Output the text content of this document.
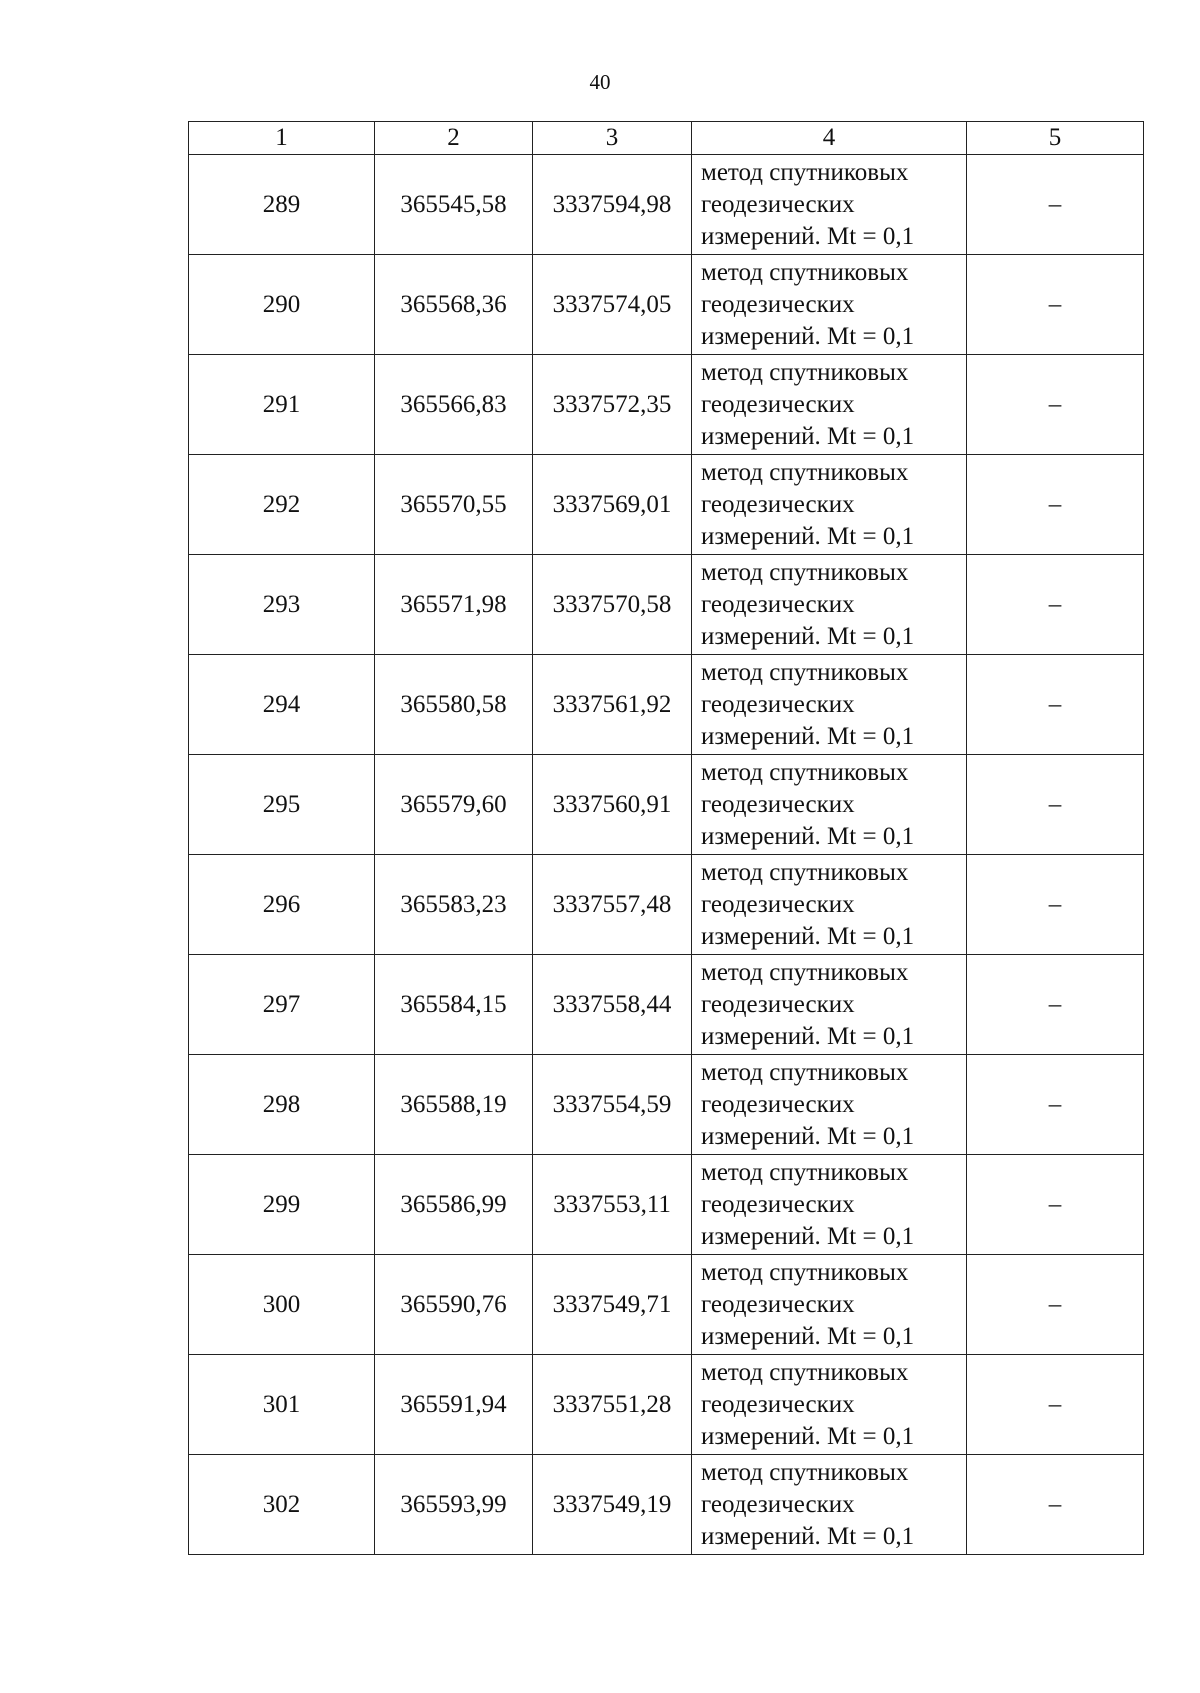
40
1	2	3	4	5
289	365545,58	3337594,98	метод спутниковых
геодезических
измерений. Mt = 0,1	–
290	365568,36	3337574,05	метод спутниковых
геодезических
измерений. Mt = 0,1	–
291	365566,83	3337572,35	метод спутниковых
геодезических
измерений. Mt = 0,1	–
292	365570,55	3337569,01	метод спутниковых
геодезических
измерений. Mt = 0,1	–
293	365571,98	3337570,58	метод спутниковых
геодезических
измерений. Mt = 0,1	–
294	365580,58	3337561,92	метод спутниковых
геодезических
измерений. Mt = 0,1	–
295	365579,60	3337560,91	метод спутниковых
геодезических
измерений. Mt = 0,1	–
296	365583,23	3337557,48	метод спутниковых
геодезических
измерений. Mt = 0,1	–
297	365584,15	3337558,44	метод спутниковых
геодезических
измерений. Mt = 0,1	–
298	365588,19	3337554,59	метод спутниковых
геодезических
измерений. Mt = 0,1	–
299	365586,99	3337553,11	метод спутниковых
геодезических
измерений. Mt = 0,1	–
300	365590,76	3337549,71	метод спутниковых
геодезических
измерений. Mt = 0,1	–
301	365591,94	3337551,28	метод спутниковых
геодезических
измерений. Mt = 0,1	–
302	365593,99	3337549,19	метод спутниковых
геодезических
измерений. Mt = 0,1	–
